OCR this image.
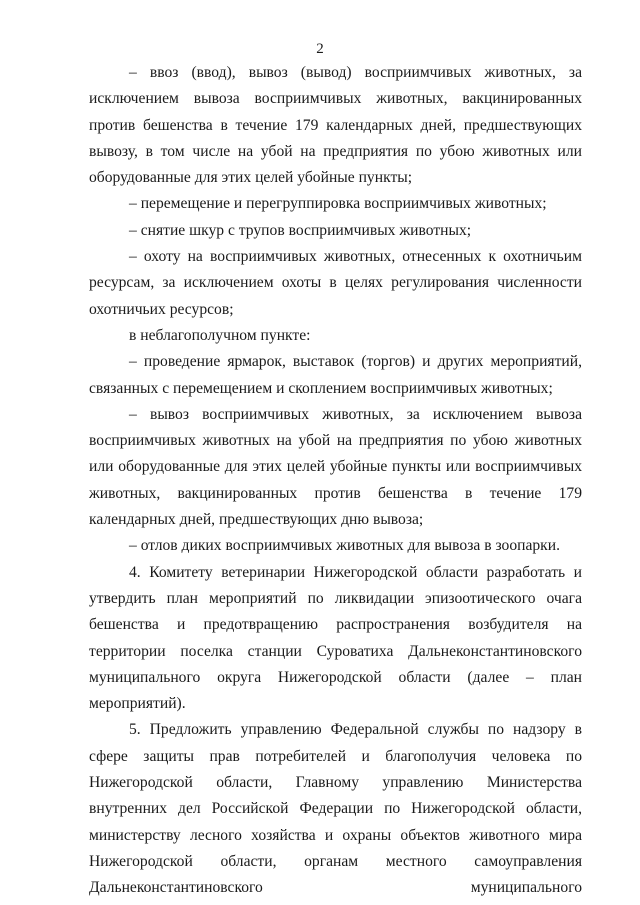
2

– ввоз (ввод), вывоз (вывод) восприимчивых животных, за исключением вывоза восприимчивых животных, вакцинированных против бешенства в течение 179 календарных дней, предшествующих вывозу, в том числе на убой на предприятия по убою животных или оборудованные для этих целей убойные пункты;

– перемещение и перегруппировка восприимчивых животных;

– снятие шкур с трупов восприимчивых животных;

– охоту на восприимчивых животных, отнесенных к охотничьим ресурсам, за исключением охоты в целях регулирования численности охотничьих ресурсов;

в неблагополучном пункте:

– проведение ярмарок, выставок (торгов) и других мероприятий, связанных с перемещением и скоплением восприимчивых животных;

– вывоз восприимчивых животных, за исключением вывоза восприимчивых животных на убой на предприятия по убою животных или оборудованные для этих целей убойные пункты или восприимчивых животных, вакцинированных против бешенства в течение 179 календарных дней, предшествующих дню вывоза;

– отлов диких восприимчивых животных для вывоза в зоопарки.

4. Комитету ветеринарии Нижегородской области разработать и утвердить план мероприятий по ликвидации эпизоотического очага бешенства и предотвращению распространения возбудителя на территории поселка станции Суроватиха Дальнеконстантиновского муниципального округа Нижегородской области (далее – план мероприятий).

5. Предложить управлению Федеральной службы по надзору в сфере защиты прав потребителей и благополучия человека по Нижегородской области, Главному управлению Министерства внутренних дел Российской Федерации по Нижегородской области, министерству лесного хозяйства и охраны объектов животного мира Нижегородской области, органам местного самоуправления Дальнеконстантиновского муниципального
